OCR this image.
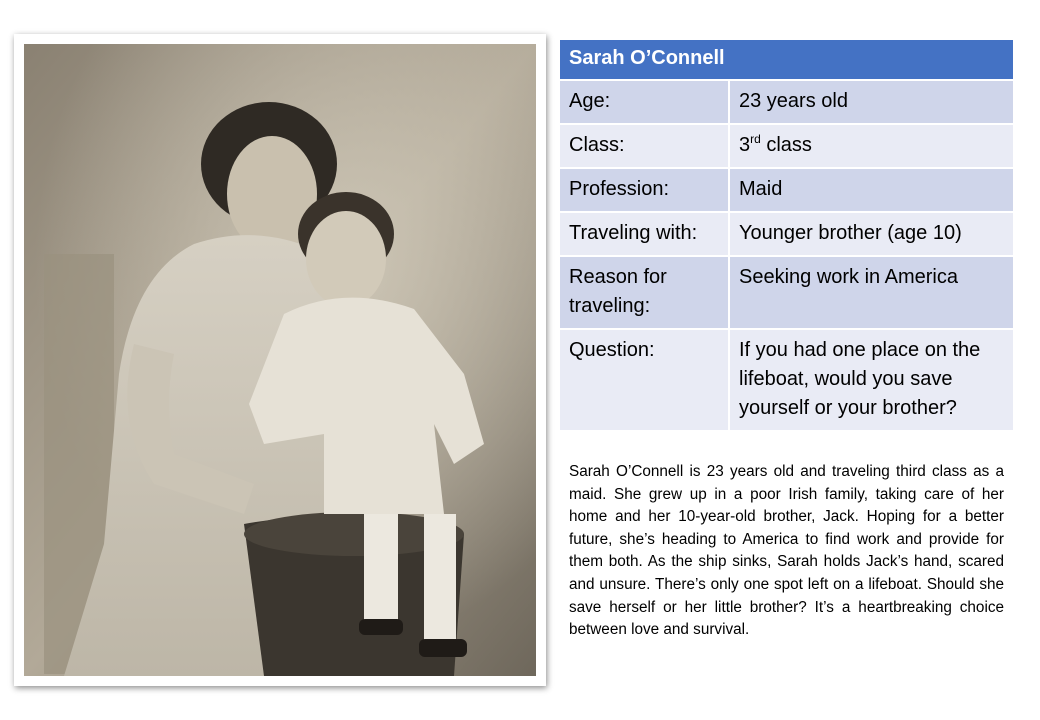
Sarah O’Connell	
Age:	23 years old
Class:	3rd class
Profession:	Maid
Traveling with:	Younger brother (age 10)
Reason for traveling:	Seeking work in America
Question:	If you had one place on the lifeboat, would you save yourself or your brother?

Sarah O’Connell is 23 years old and traveling third class as a maid. She grew up in a poor Irish family, taking care of her home and her 10-year-old brother, Jack. Hoping for a better future, she’s heading to America to find work and provide for them both. As the ship sinks, Sarah holds Jack’s hand, scared and unsure. There’s only one spot left on a lifeboat. Should she save herself or her little brother? It’s a heartbreaking choice between love and survival.
